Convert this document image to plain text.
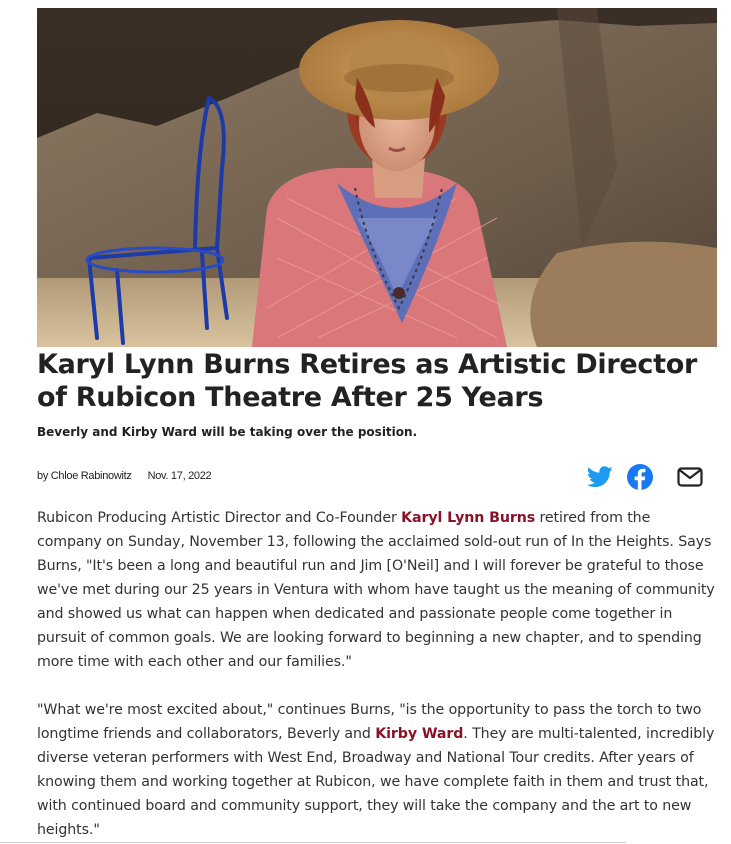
Karyl Lynn Burns Retires as Artistic Director of Rubicon Theatre After 25 Years

Beverly and Kirby Ward will be taking over the position.

by Chloe Rabinowitz Nov. 17, 2022

Rubicon Producing Artistic Director and Co-Founder Karyl Lynn Burns retired from the company on Sunday, November 13, following the acclaimed sold-out run of In the Heights. Says Burns, "It's been a long and beautiful run and Jim [O'Neil] and I will forever be grateful to those we've met during our 25 years in Ventura with whom have taught us the meaning of community and showed us what can happen when dedicated and passionate people come together in pursuit of common goals. We are looking forward to beginning a new chapter, and to spending more time with each other and our families."

"What we're most excited about," continues Burns, "is the opportunity to pass the torch to two longtime friends and collaborators, Beverly and Kirby Ward. They are multi-talented, incredibly diverse veteran performers with West End, Broadway and National Tour credits. After years of knowing them and working together at Rubicon, we have complete faith in them and trust that, with continued board and community support, they will take the company and the art to new heights."
